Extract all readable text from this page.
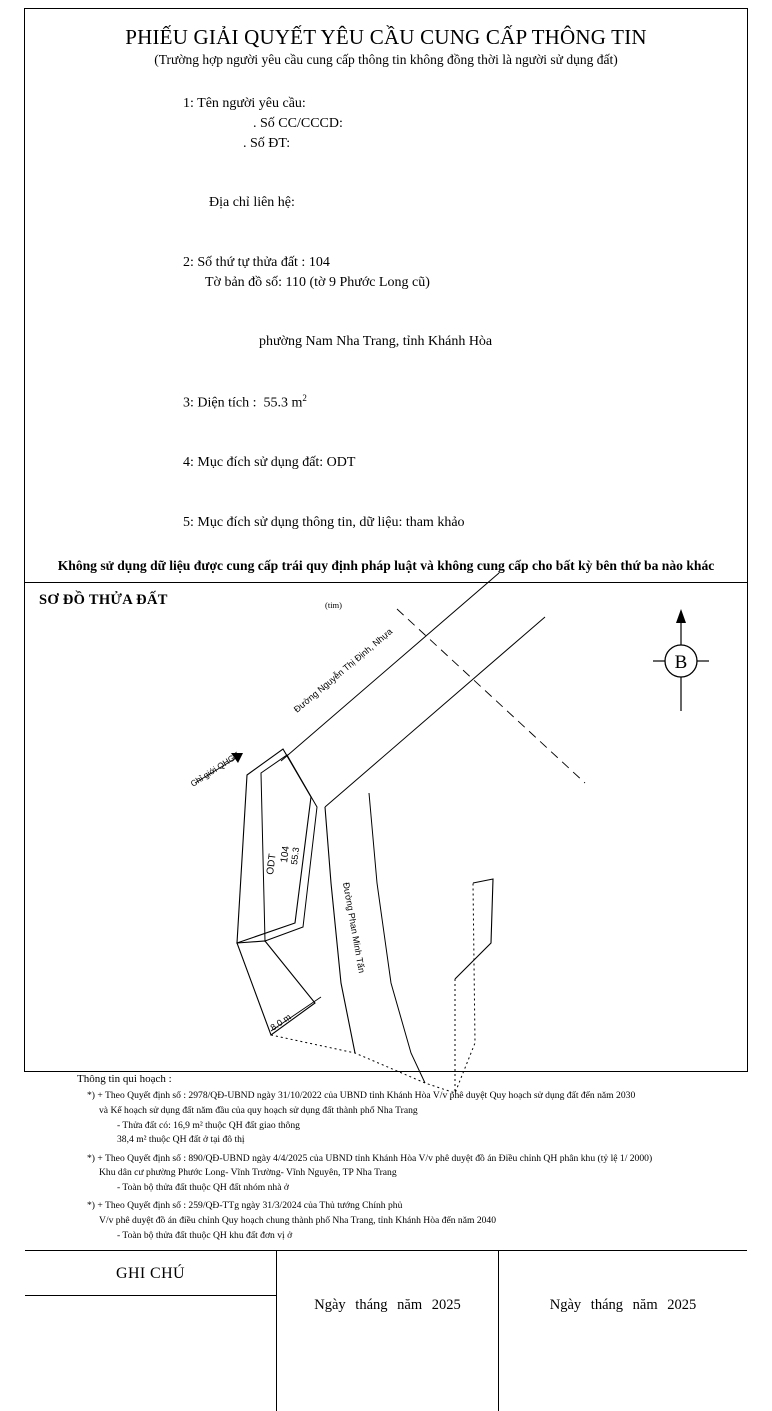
PHIẾU GIẢI QUYẾT YÊU CẦU CUNG CẤP THÔNG TIN
(Trường hợp người yêu cầu cung cấp thông tin không đồng thời là người sử dụng đất)

1: Tên người yêu cầu:
. Số CC/CCCD:
. Số ĐT:

Địa chỉ liên hệ:

2: Số thứ tự thửa đất : 104
Tờ bản đồ số: 110 (tờ 9 Phước Long cũ)

phường Nam Nha Trang, tỉnh Khánh Hòa

3: Diện tích :  55.3 $m^2$

4: Mục đích sử dụng đất: ODT

5: Mục đích sử dụng thông tin, dữ liệu: tham khảo

Không sử dụng dữ liệu được cung cấp trái quy định pháp luật và không cung cấp cho bất kỳ bên thứ ba nào khác
SƠ ĐỒ THỬA ĐẤT
B
(tim)
Đường Nguyễn Thị Định, Nhựa
Chỉ giới QHGT
8.0 m
ODT 104
55.3
Đường Phan Minh Tấn
Thông tin qui hoạch :
*) + Theo Quyết định số : 2978/QĐ-UBND ngày 31/10/2022 của UBND tỉnh Khánh Hòa V/v phê duyệt Quy hoạch sử dụng đất đến năm 2030
và Kế hoạch sử dụng đất năm đầu của quy hoạch sử dụng đất thành phố Nha Trang
- Thửa đất có: 16,9 m² thuộc QH đất giao thông
38,4 m² thuộc QH đất ở tại đô thị
*) + Theo Quyết định số : 890/QĐ-UBND ngày 4/4/2025 của UBND tỉnh Khánh Hòa V/v phê duyệt đồ án Điều chỉnh QH phân khu (tỷ lệ 1/ 2000)
Khu dân cư phường Phước Long- Vĩnh Trường- Vĩnh Nguyên, TP Nha Trang
- Toàn bộ thửa đất thuộc QH đất nhóm nhà ở
*) + Theo Quyết định số : 259/QĐ-TTg ngày 31/3/2024 của Thủ tướng Chính phủ
V/v phê duyệt đồ án điều chỉnh Quy hoạch chung thành phố Nha Trang, tỉnh Khánh Hòa đến năm 2040
- Toàn bộ thửa đất thuộc QH khu đất đơn vị ở
GHI CHÚ
Ngày tháng năm 2025	Ngày tháng năm 2025
